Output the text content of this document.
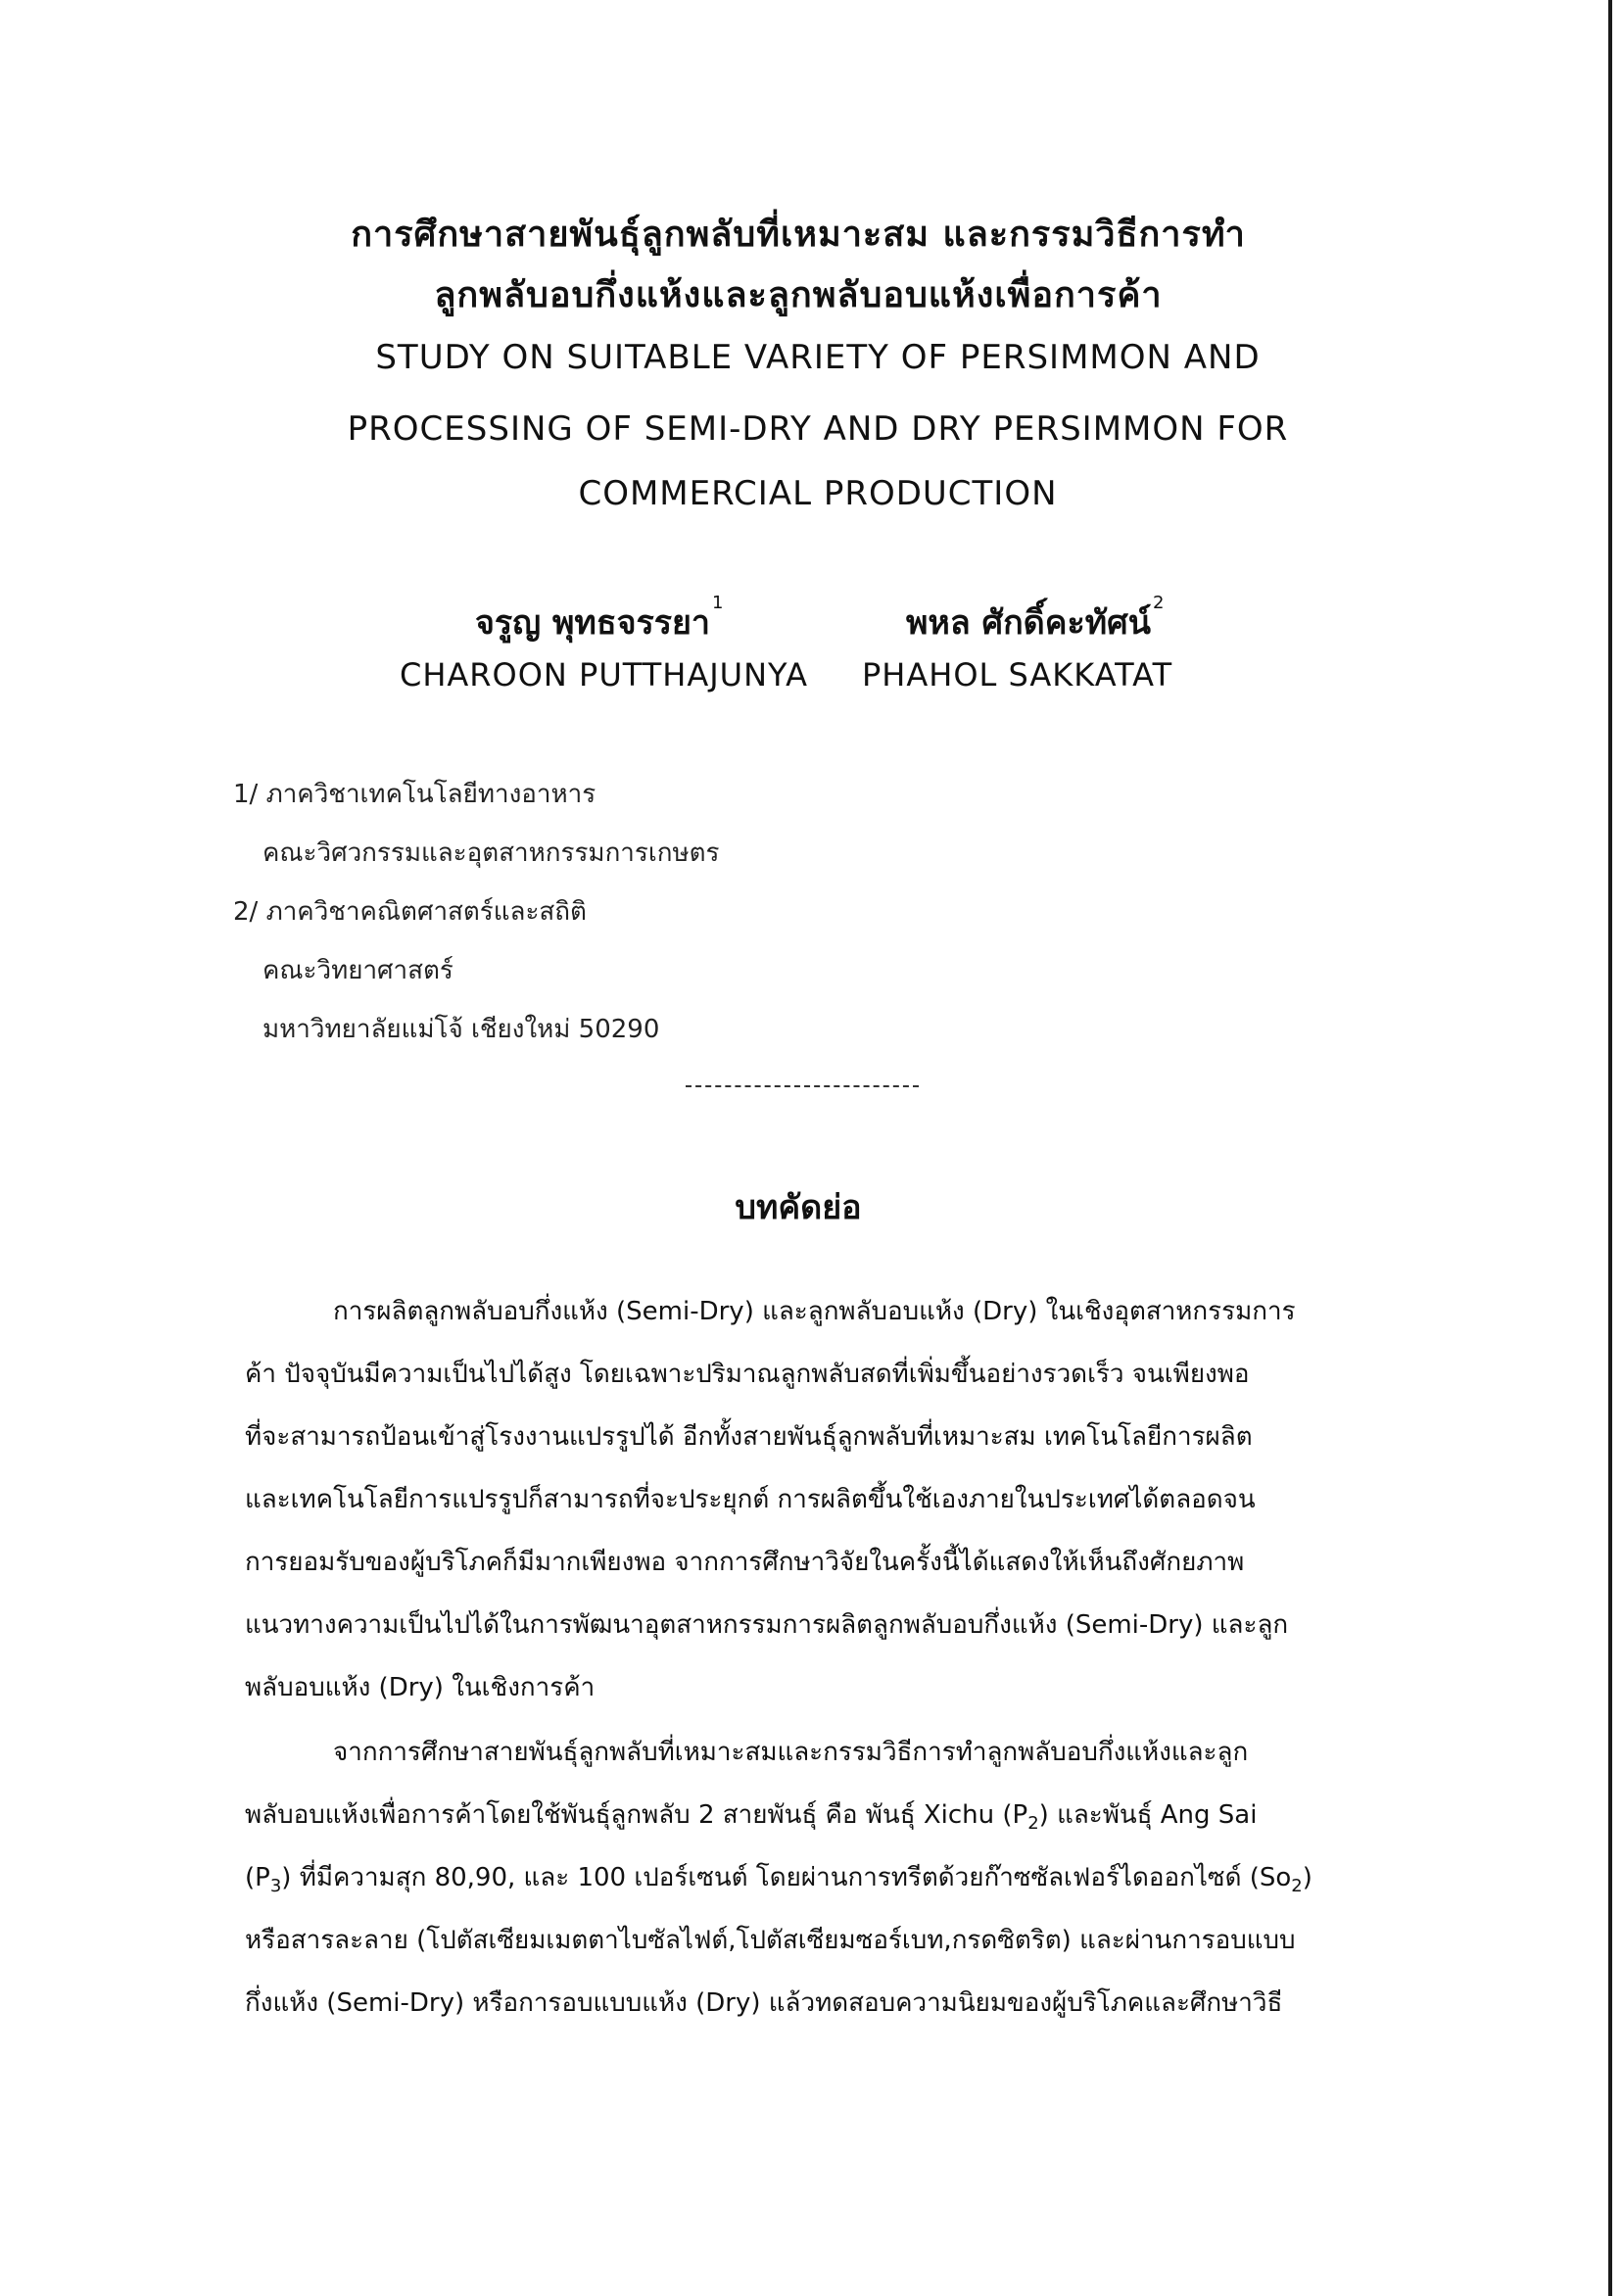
การศึกษาสายพันธุ์ลูกพลับที่เหมาะสม และกรรมวิธีการทำ
ลูกพลับอบกึ่งแห้งและลูกพลับอบแห้งเพื่อการค้า
STUDY ON SUITABLE VARIETY OF PERSIMMON AND
PROCESSING OF SEMI-DRY AND DRY PERSIMMON FOR
COMMERCIAL PRODUCTION
จรูญ พุทธจรรยา$^1$
พหล ศักดิ์คะทัศน์$^2$
CHAROON PUTTHAJUNYA PHAHOL SAKKATAT
1/ ภาควิชาเทคโนโลยีทางอาหาร
คณะวิศวกรรมและอุตสาหกรรมการเกษตร
2/ ภาควิชาคณิตศาสตร์และสถิติ
คณะวิทยาศาสตร์
มหาวิทยาลัยแม่โจ้ เชียงใหม่ 50290
บทคัดย่อ
การผลิตลูกพลับอบกึ่งแห้ง (Semi-Dry) และลูกพลับอบแห้ง (Dry) ในเชิงอุตสาหกรรมการ
ค้า ปัจจุบันมีความเป็นไปได้สูง โดยเฉพาะปริมาณลูกพลับสดที่เพิ่มขึ้นอย่างรวดเร็ว จนเพียงพอ
ที่จะสามารถป้อนเข้าสู่โรงงานแปรรูปได้ อีกทั้งสายพันธุ์ลูกพลับที่เหมาะสม เทคโนโลยีการผลิต
และเทคโนโลยีการแปรรูปก็สามารถที่จะประยุกต์ การผลิตขึ้นใช้เองภายในประเทศได้ตลอดจน
การยอมรับของผู้บริโภคก็มีมากเพียงพอ จากการศึกษาวิจัยในครั้งนี้ได้แสดงให้เห็นถึงศักยภาพ
แนวทางความเป็นไปได้ในการพัฒนาอุตสาหกรรมการผลิตลูกพลับอบกึ่งแห้ง (Semi-Dry) และลูก
พลับอบแห้ง (Dry) ในเชิงการค้า
จากการศึกษาสายพันธุ์ลูกพลับที่เหมาะสมและกรรมวิธีการทำลูกพลับอบกึ่งแห้งและลูก
พลับอบแห้งเพื่อการค้าโดยใช้พันธุ์ลูกพลับ 2 สายพันธุ์ คือ พันธุ์ Xichu $(P_2)$ และพันธุ์ Ang Sai
$(P_3)$ ที่มีความสุก 80,90, และ 100 เปอร์เซนต์ โดยผ่านการทรีตด้วยก๊าซซัลเฟอร์ไดออกไซด์ $(So_2)$
หรือสารละลาย (โปตัสเซียมเมตตาไบซัลไฟต์,โปตัสเซียมซอร์เบท,กรดซิตริต) และผ่านการอบแบบ
กึ่งแห้ง (Semi-Dry) หรือการอบแบบแห้ง (Dry) แล้วทดสอบความนิยมของผู้บริโภคและศึกษาวิธี
